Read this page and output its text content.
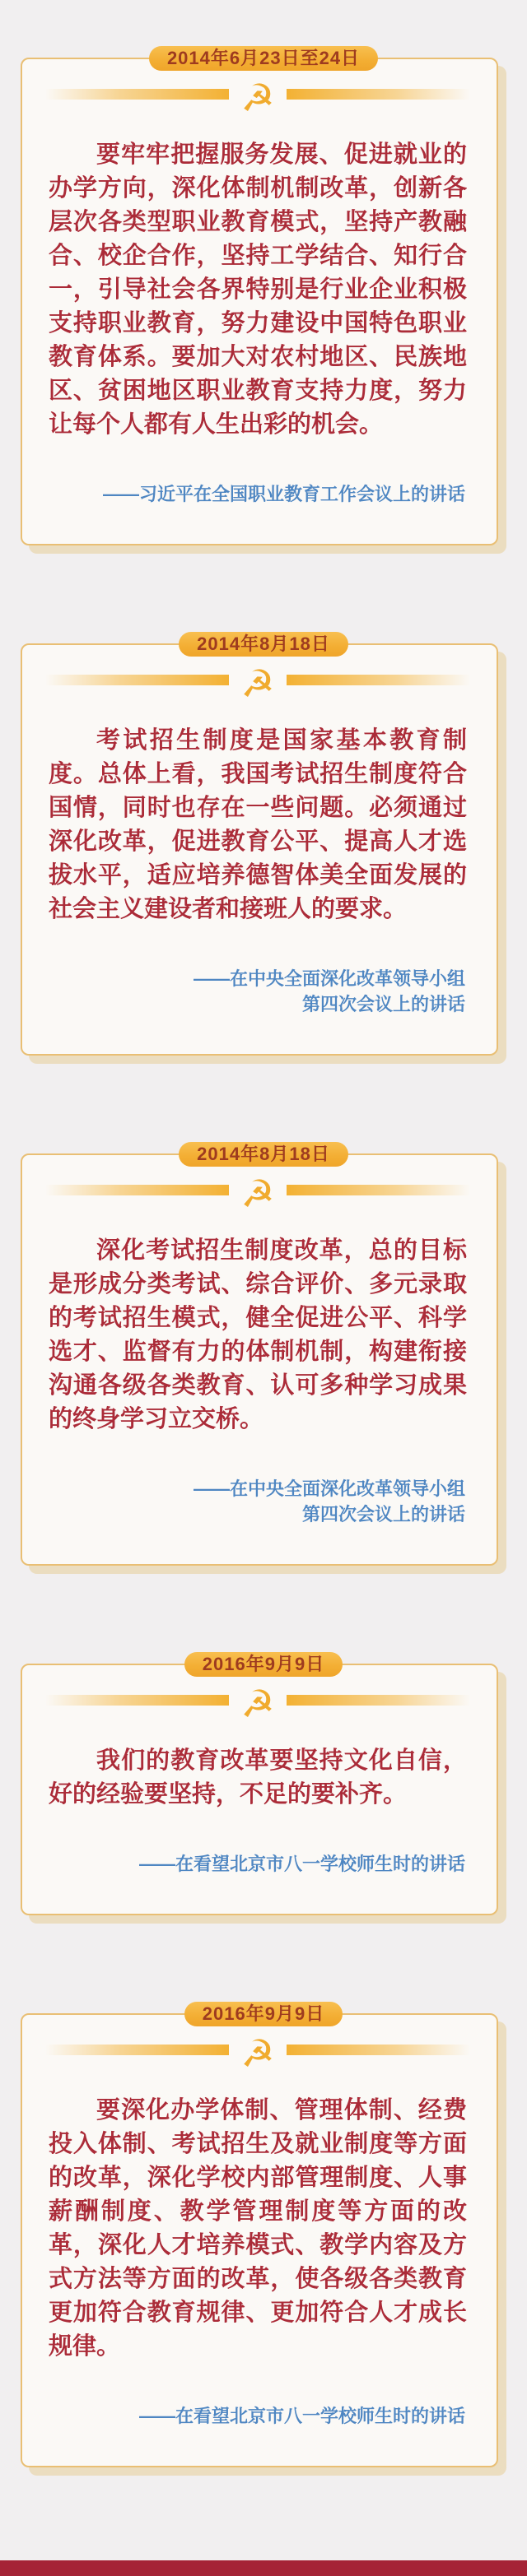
2014年6月23日至24日
☭

要牢牢把握服务发展、促进就业的办学方向，深化体制机制改革，创新各层次各类型职业教育模式，坚持产教融合、校企合作，坚持工学结合、知行合一，引导社会各界特别是行业企业积极支持职业教育，努力建设中国特色职业教育体系。要加大对农村地区、民族地区、贫困地区职业教育支持力度，努力让每个人都有人生出彩的机会。

——习近平在全国职业教育工作会议上的讲话
2014年8月18日
☭

考试招生制度是国家基本教育制度。总体上看，我国考试招生制度符合国情，同时也存在一些问题。必须通过深化改革，促进教育公平、提高人才选拔水平，适应培养德智体美全面发展的社会主义建设者和接班人的要求。

——在中央全面深化改革领导小组
第四次会议上的讲话
2014年8月18日
☭

深化考试招生制度改革，总的目标是形成分类考试、综合评价、多元录取的考试招生模式，健全促进公平、科学选才、监督有力的体制机制，构建衔接沟通各级各类教育、认可多种学习成果的终身学习立交桥。

——在中央全面深化改革领导小组
第四次会议上的讲话
2016年9月9日
☭

我们的教育改革要坚持文化自信，好的经验要坚持，不足的要补齐。

——在看望北京市八一学校师生时的讲话
2016年9月9日
☭

要深化办学体制、管理体制、经费投入体制、考试招生及就业制度等方面的改革，深化学校内部管理制度、人事薪酬制度、教学管理制度等方面的改革，深化人才培养模式、教学内容及方式方法等方面的改革，使各级各类教育更加符合教育规律、更加符合人才成长规律。

——在看望北京市八一学校师生时的讲话
